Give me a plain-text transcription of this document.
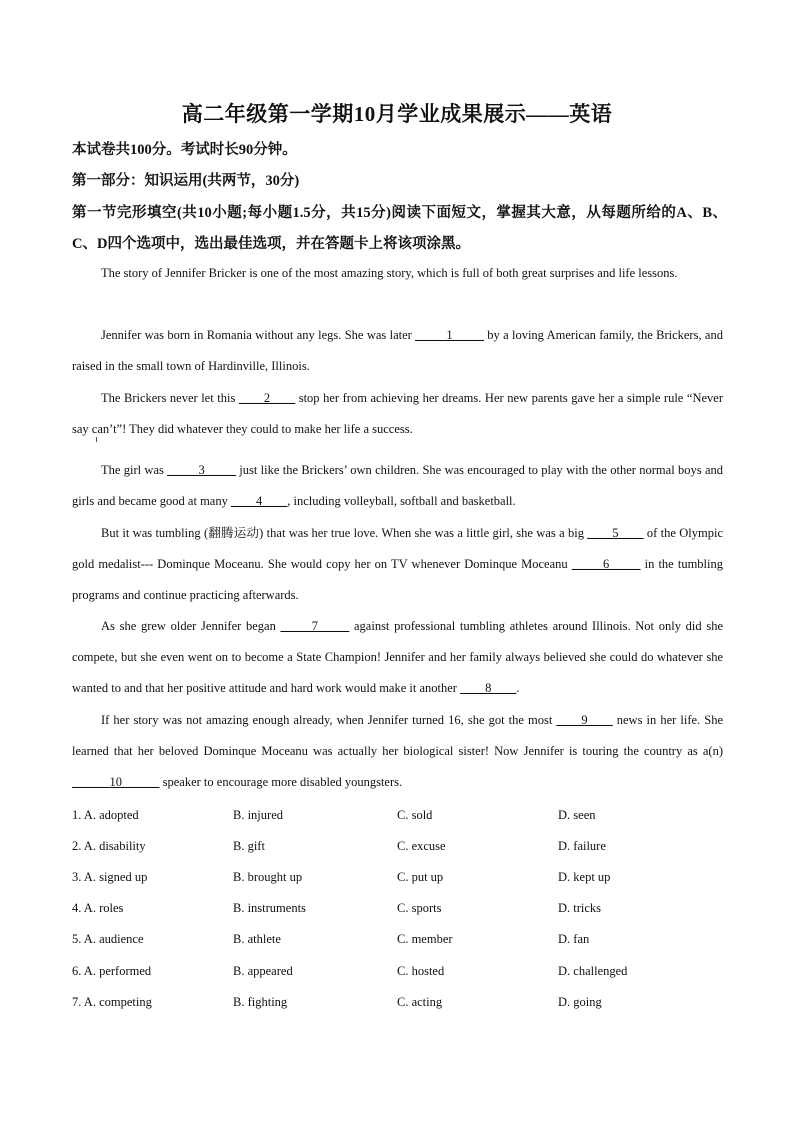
高二年级第一学期10月学业成果展示——英语
本试卷共100分。考试时长90分钟。
第一部分：知识运用(共两节，30分)
第一节完形填空(共10小题;每小题1.5分，共15分)阅读下面短文，掌握其大意，从每题所给的A、B、C、D四个选项中，选出最佳选项，并在答题卡上将该项涂黑。
The story of Jennifer Bricker is one of the most amazing story, which is full of both great surprises and life lessons.
Jennifer was born in Romania without any legs. She was later _____1_____ by a loving American family, the Brickers, and raised in the small town of Hardinville, Illinois.
The Brickers never let this ____2____ stop her from achieving her dreams. Her new parents gave her a simple rule “Never say can’t”! They did whatever they could to make her life a success.
The girl was _____3_____ just like the Brickers’ own children. She was encouraged to play with the other normal boys and girls and became good at many ____4____, including volleyball, softball and basketball.
But it was tumbling (翻腾运动) that was her true love. When she was a little girl, she was a big ____5____ of the Olympic gold medalist--- Dominque Moceanu. She would copy her on TV whenever Dominque Moceanu _____6_____ in the tumbling programs and continue practicing afterwards.
As she grew older Jennifer began _____7_____ against professional tumbling athletes around Illinois. Not only did she compete, but she even went on to become a State Champion! Jennifer and her family always believed she could do whatever she wanted to and that her positive attitude and hard work would make it another ____8____.
If her story was not amazing enough already, when Jennifer turned 16, she got the most ____9____ news in her life. She learned that her beloved Dominque Moceanu was actually her biological sister! Now Jennifer is touring the country as a(n)______10______ speaker to encourage more disabled youngsters.
1. A. adopted	B. injured	C. sold	D. seen
2. A. disability	B. gift	C. excuse	D. failure
3. A. signed up	B. brought up	C. put up	D. kept up
4. A. roles	B. instruments	C. sports	D. tricks
5. A. audience	B. athlete	C. member	D. fan
6. A. performed	B. appeared	C. hosted	D. challenged
7. A. competing	B. fighting	C. acting	D. going
